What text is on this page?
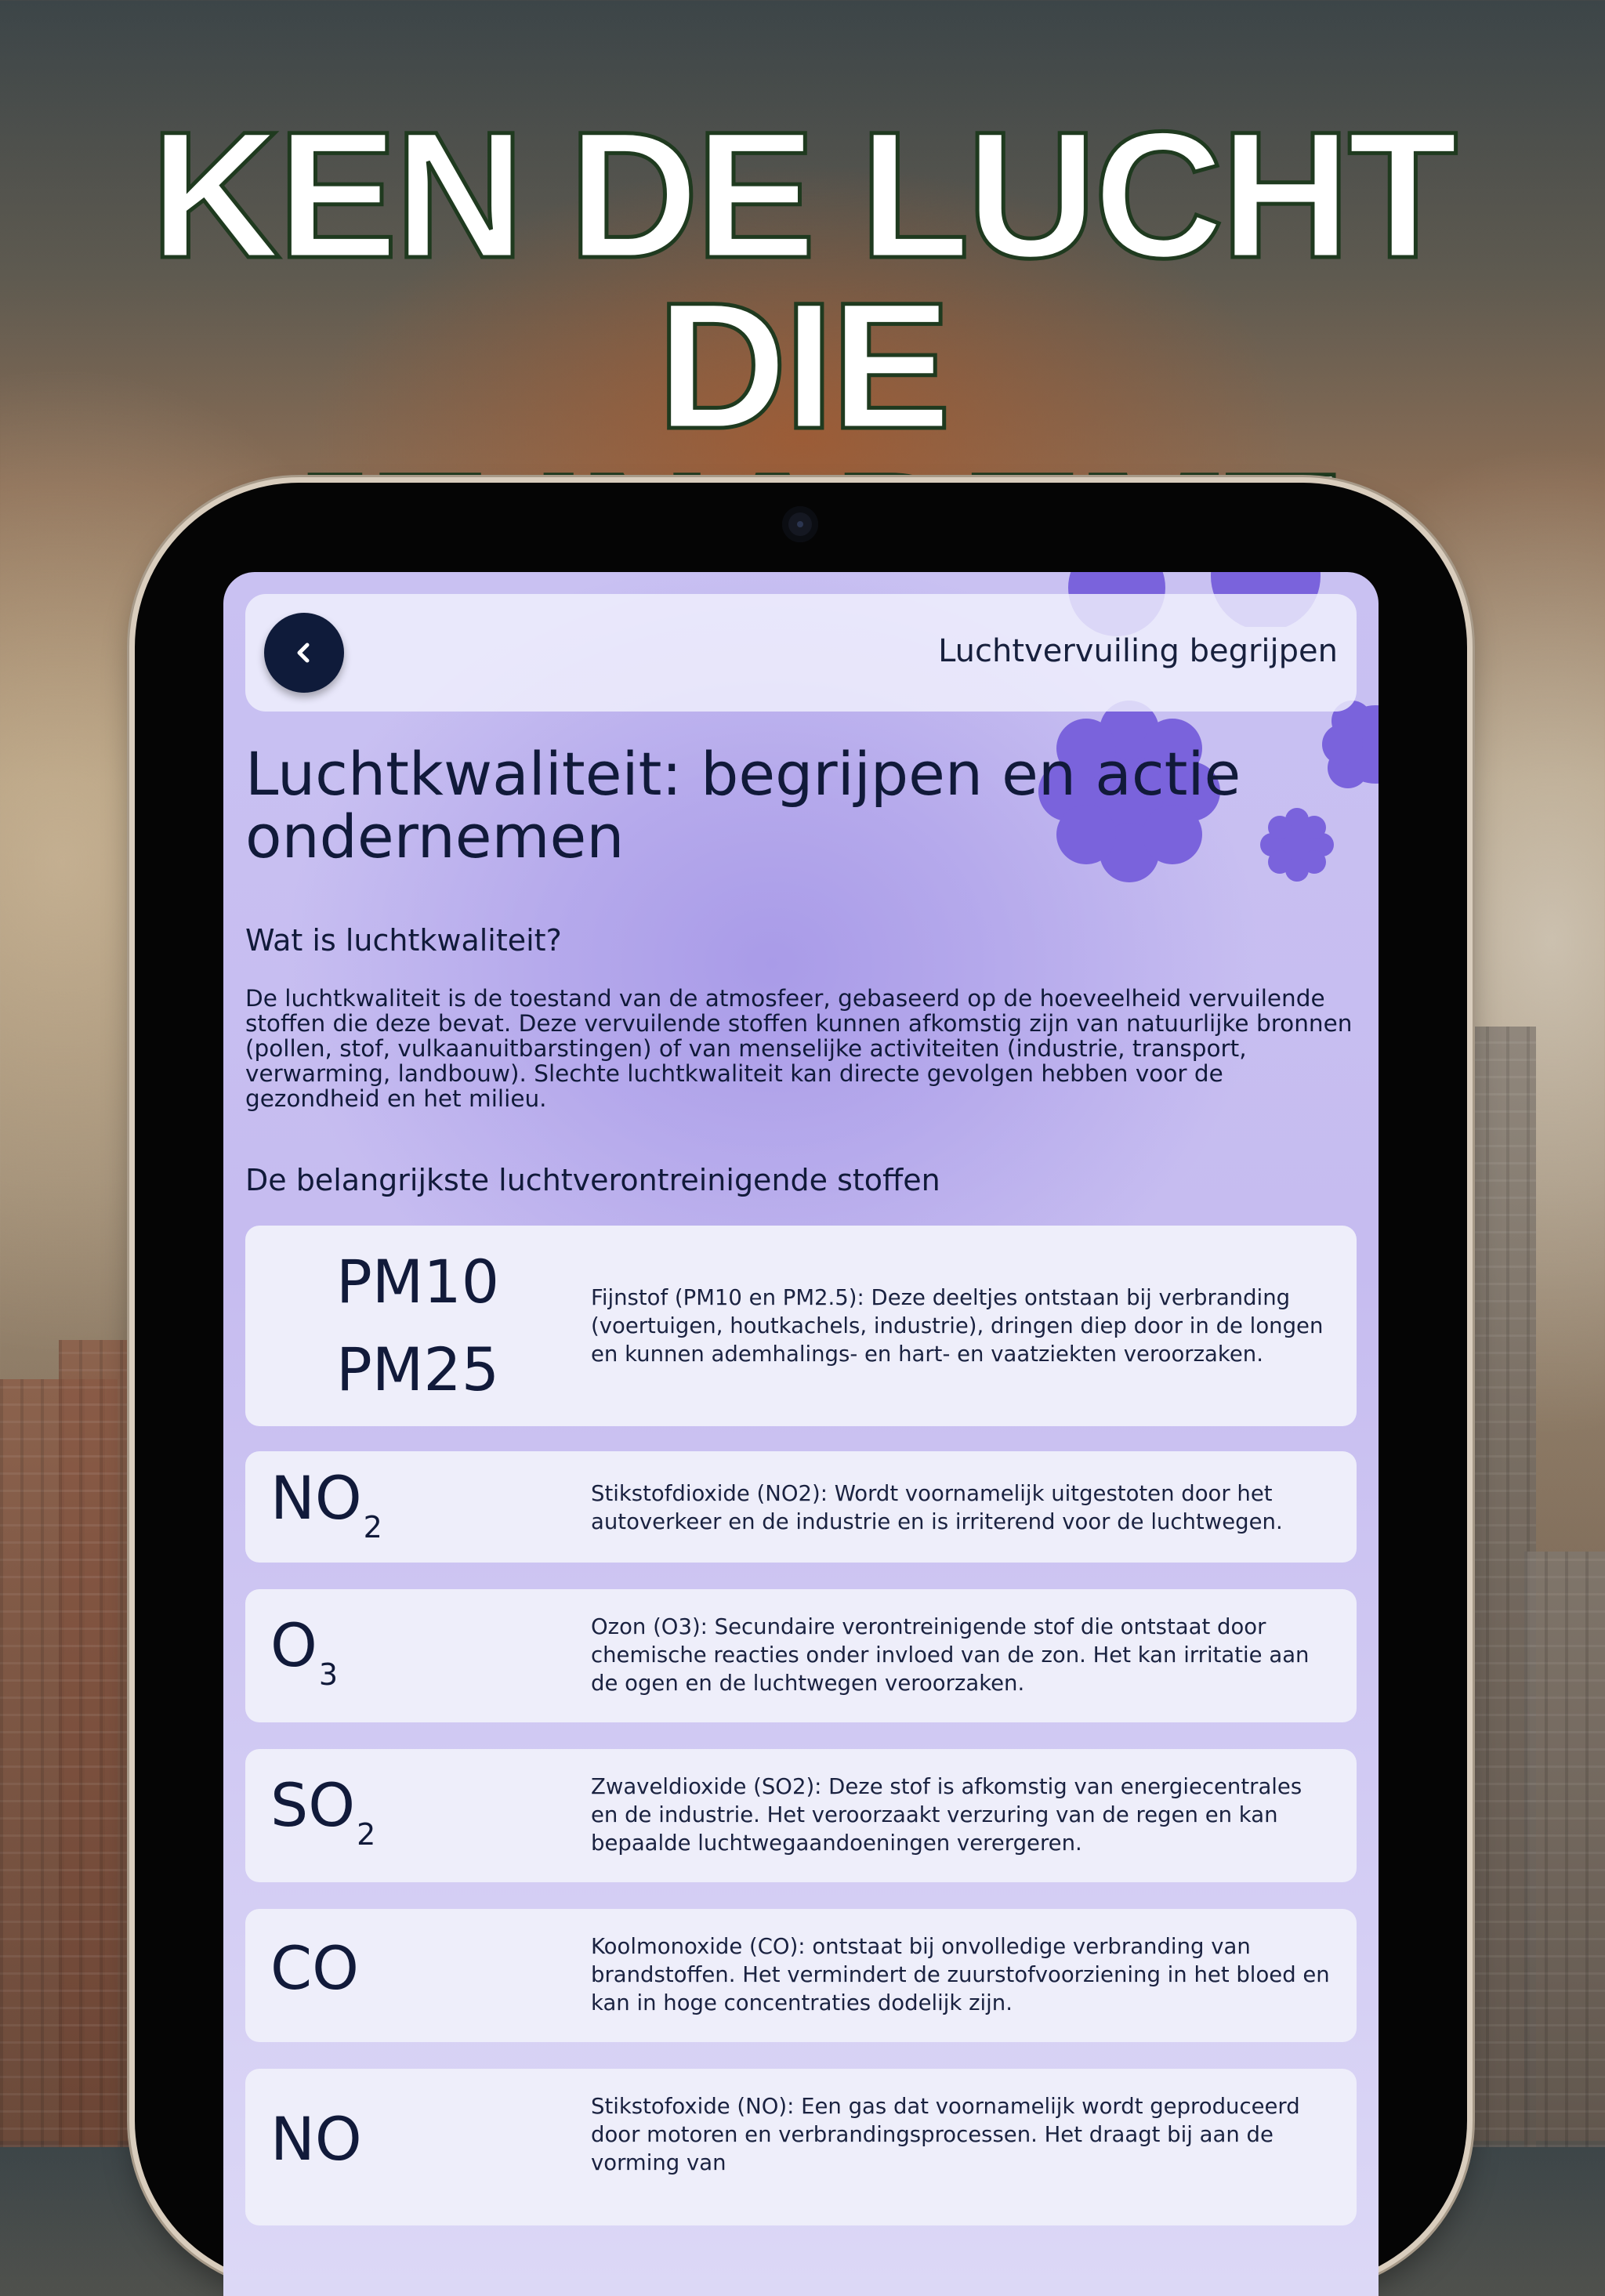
KEN DE LUCHT DIE
Luchtvervuiling begrijpen
Luchtkwaliteit: begrijpen en actie ondernemen
Wat is luchtkwaliteit?

De luchtkwaliteit is de toestand van de atmosfeer, gebaseerd op de hoeveelheid vervuilende stoffen die deze bevat. Deze vervuilende stoffen kunnen afkomstig zijn van natuurlijke bronnen (pollen, stof, vulkaanuitbarstingen) of van menselijke activiteiten (industrie, transport, verwarming, landbouw). Slechte luchtkwaliteit kan directe gevolgen hebben voor de gezondheid en het milieu.

De belangrijkste luchtverontreinigende stoffen
PM10
PM25

Fijnstof (PM10 en PM2.5): Deze deeltjes ontstaan bij verbranding (voertuigen, houtkachels, industrie), dringen diep door in de longen en kunnen ademhalings- en hart- en vaatziekten veroorzaken.

$NO_2$

Stikstofdioxide (NO2): Wordt voornamelijk uitgestoten door het autoverkeer en de industrie en is irriterend voor de luchtwegen.

$O_3$

Ozon (O3): Secundaire verontreinigende stof die ontstaat door chemische reacties onder invloed van de zon. Het kan irritatie aan de ogen en de luchtwegen veroorzaken.

$SO_2$

Zwaveldioxide (SO2): Deze stof is afkomstig van energiecentrales en de industrie. Het veroorzaakt verzuring van de regen en kan bepaalde luchtwegaandoeningen verergeren.

CO	Koolmonoxide (CO): ontstaat bij onvolledige verbranding van brandstoffen. Het vermindert de zuurstofvoorziening in het bloed en kan in hoge concentraties dodelijk zijn.

NO	Stikstofoxide (NO): Een gas dat voornamelijk wordt geproduceerd door motoren en verbrandingsprocessen. Het draagt bij aan de vorming van
